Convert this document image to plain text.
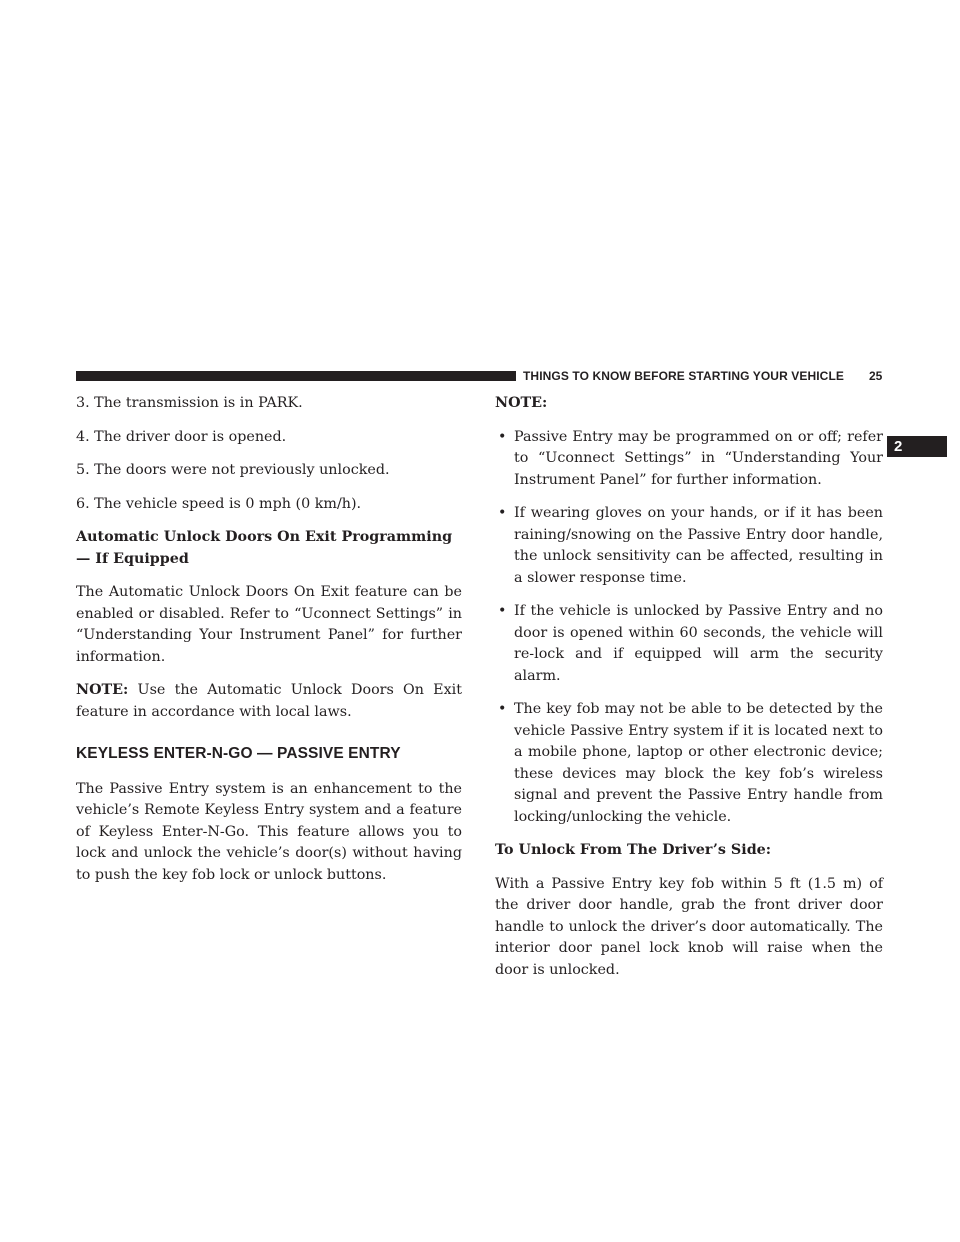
THINGS TO KNOW BEFORE STARTING YOUR VEHICLE 25
2

3. The transmission is in PARK.

4. The driver door is opened.

5. The doors were not previously unlocked.

6. The vehicle speed is 0 mph (0 km/h).

Automatic Unlock Doors On Exit Programming — If Equipped

The Automatic Unlock Doors On Exit feature can be enabled or disabled. Refer to “Uconnect Settings” in “Understanding Your Instrument Panel” for further information.

NOTE: Use the Automatic Unlock Doors On Exit feature in accordance with local laws.

KEYLESS ENTER-N-GO — PASSIVE ENTRY

The Passive Entry system is an enhancement to the vehicle’s Remote Keyless Entry system and a feature of Keyless Enter-N-Go. This feature allows you to lock and unlock the vehicle’s door(s) without having to push the key fob lock or unlock buttons.

NOTE:

• Passive Entry may be programmed on or off; refer to “Uconnect Settings” in “Understanding Your Instrument Panel” for further information.
• If wearing gloves on your hands, or if it has been raining/snowing on the Passive Entry door handle, the unlock sensitivity can be affected, resulting in a slower response time.
• If the vehicle is unlocked by Passive Entry and no door is opened within 60 seconds, the vehicle will re-lock and if equipped will arm the security alarm.
• The key fob may not be able to be detected by the vehicle Passive Entry system if it is located next to a mobile phone, laptop or other electronic device; these devices may block the key fob’s wireless signal and prevent the Passive Entry handle from locking/unlocking the vehicle.

To Unlock From The Driver’s Side:

With a Passive Entry key fob within 5 ft (1.5 m) of the driver door handle, grab the front driver door handle to unlock the driver’s door automatically. The interior door panel lock knob will raise when the door is unlocked.
